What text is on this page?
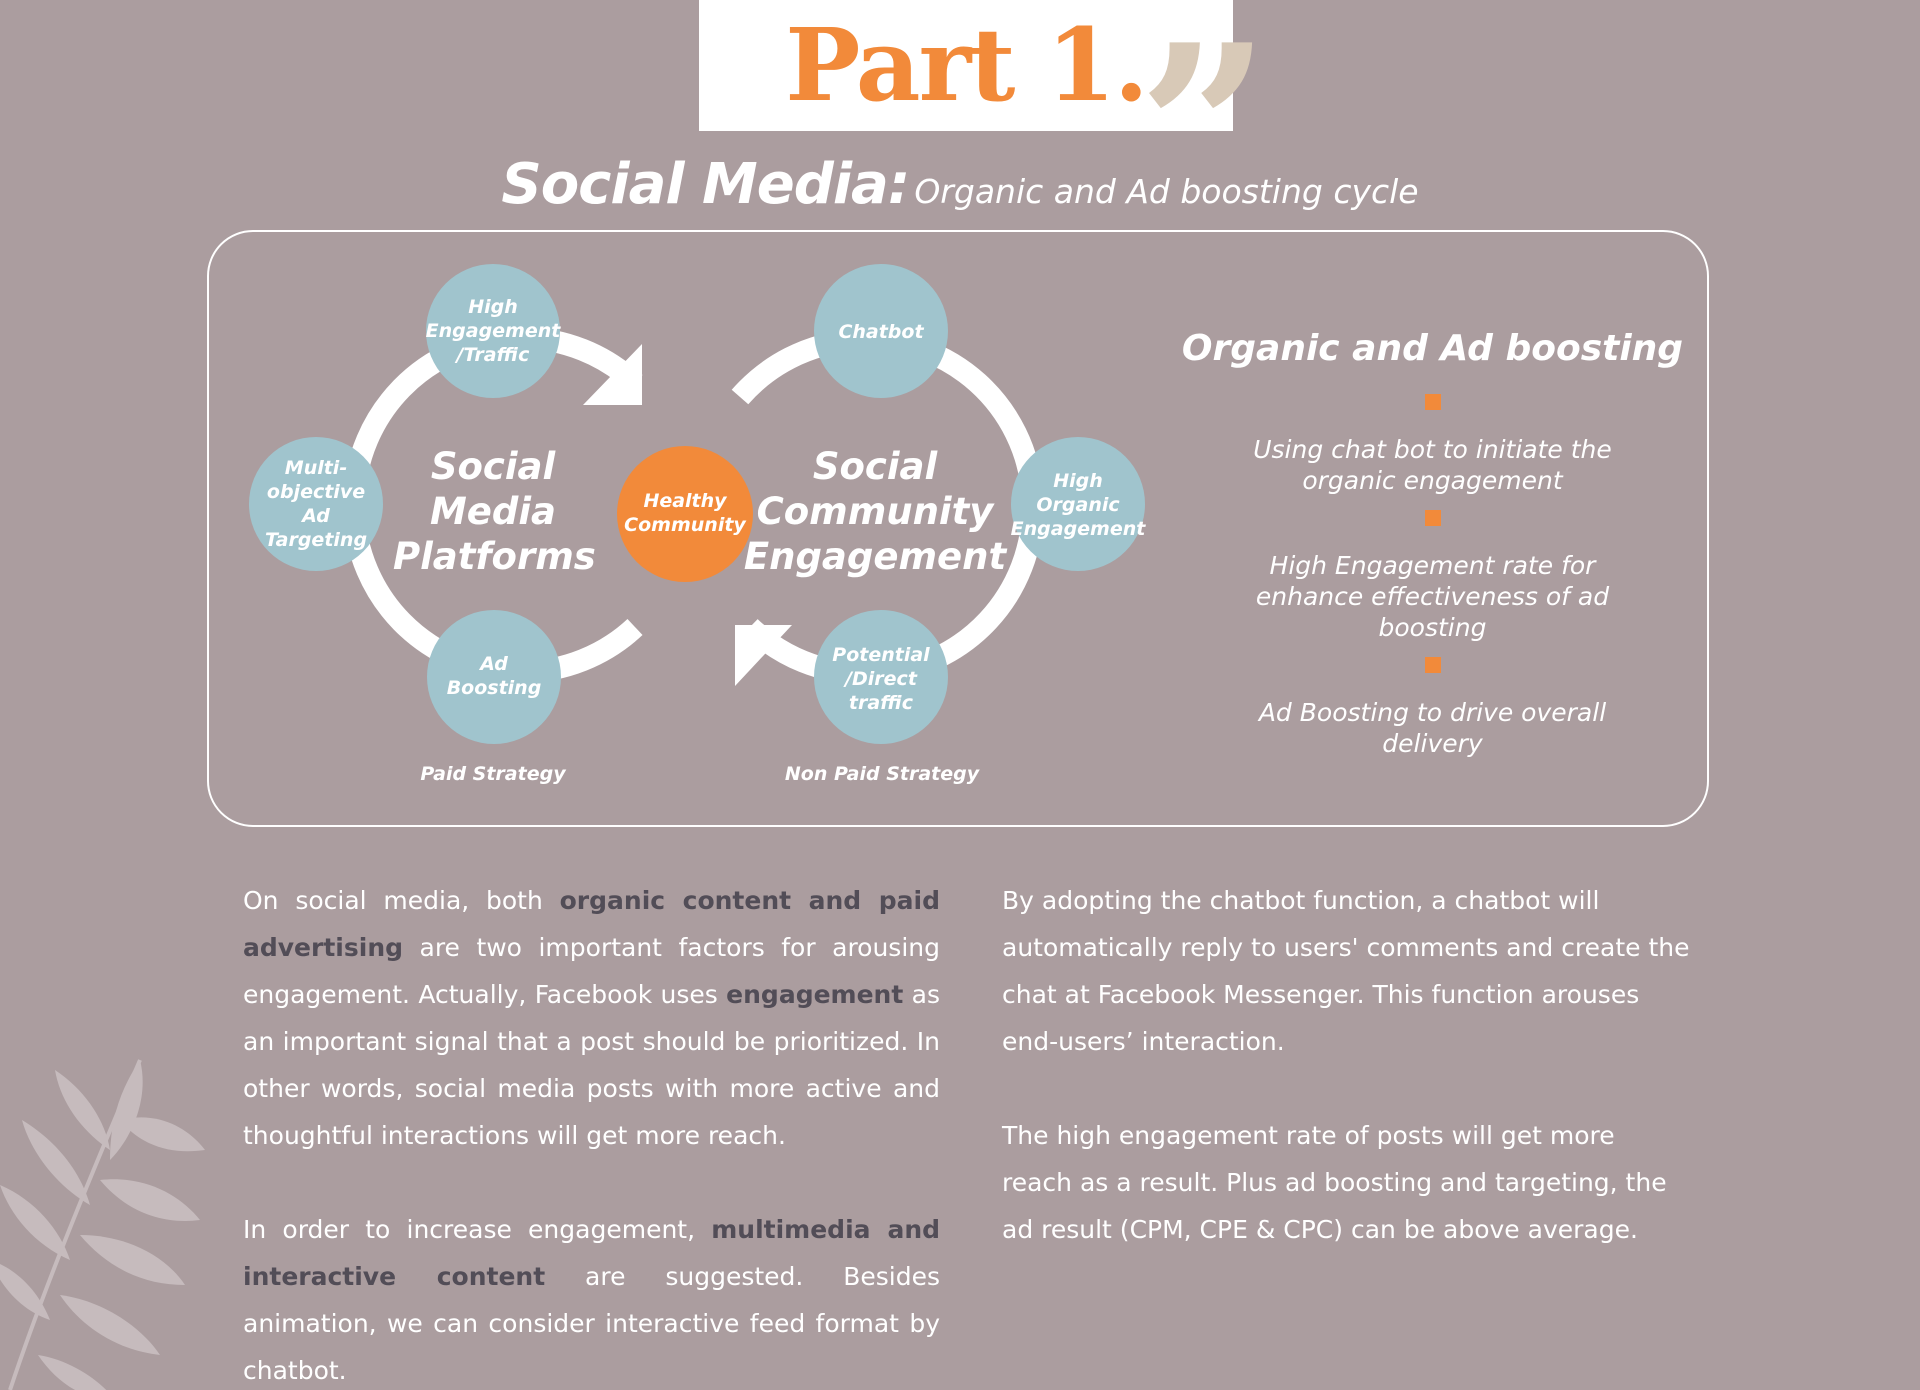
Part 1.
”
Social Media: Organic and Ad boosting cycle
High Engagement /Traffic
Multi-objective Ad Targeting
Ad Boosting
Chatbot
High Organic Engagement
Potential /Direct traffic
Healthy Community
Social Media Platforms
Social Community Engagement
Paid Strategy	Non Paid Strategy
Organic and Ad boosting
Using chat bot to initiate the organic engagement
High Engagement rate for enhance effectiveness of ad boosting
Ad Boosting to drive overall delivery

On social media, both organic content and paid advertising are two important factors for arousing engagement. Actually, Facebook uses engagement as an important signal that a post should be prioritized. In other words, social media posts with more active and thoughtful interactions will get more reach.

In order to increase engagement, multimedia and interactive content are suggested. Besides animation, we can consider interactive feed format by chatbot.

By adopting the chatbot function, a chatbot will automatically reply to users' comments and create the chat at Facebook Messenger. This function arouses end-users’ interaction.

The high engagement rate of posts will get more reach as a result. Plus ad boosting and targeting, the ad result (CPM, CPE & CPC) can be above average.
